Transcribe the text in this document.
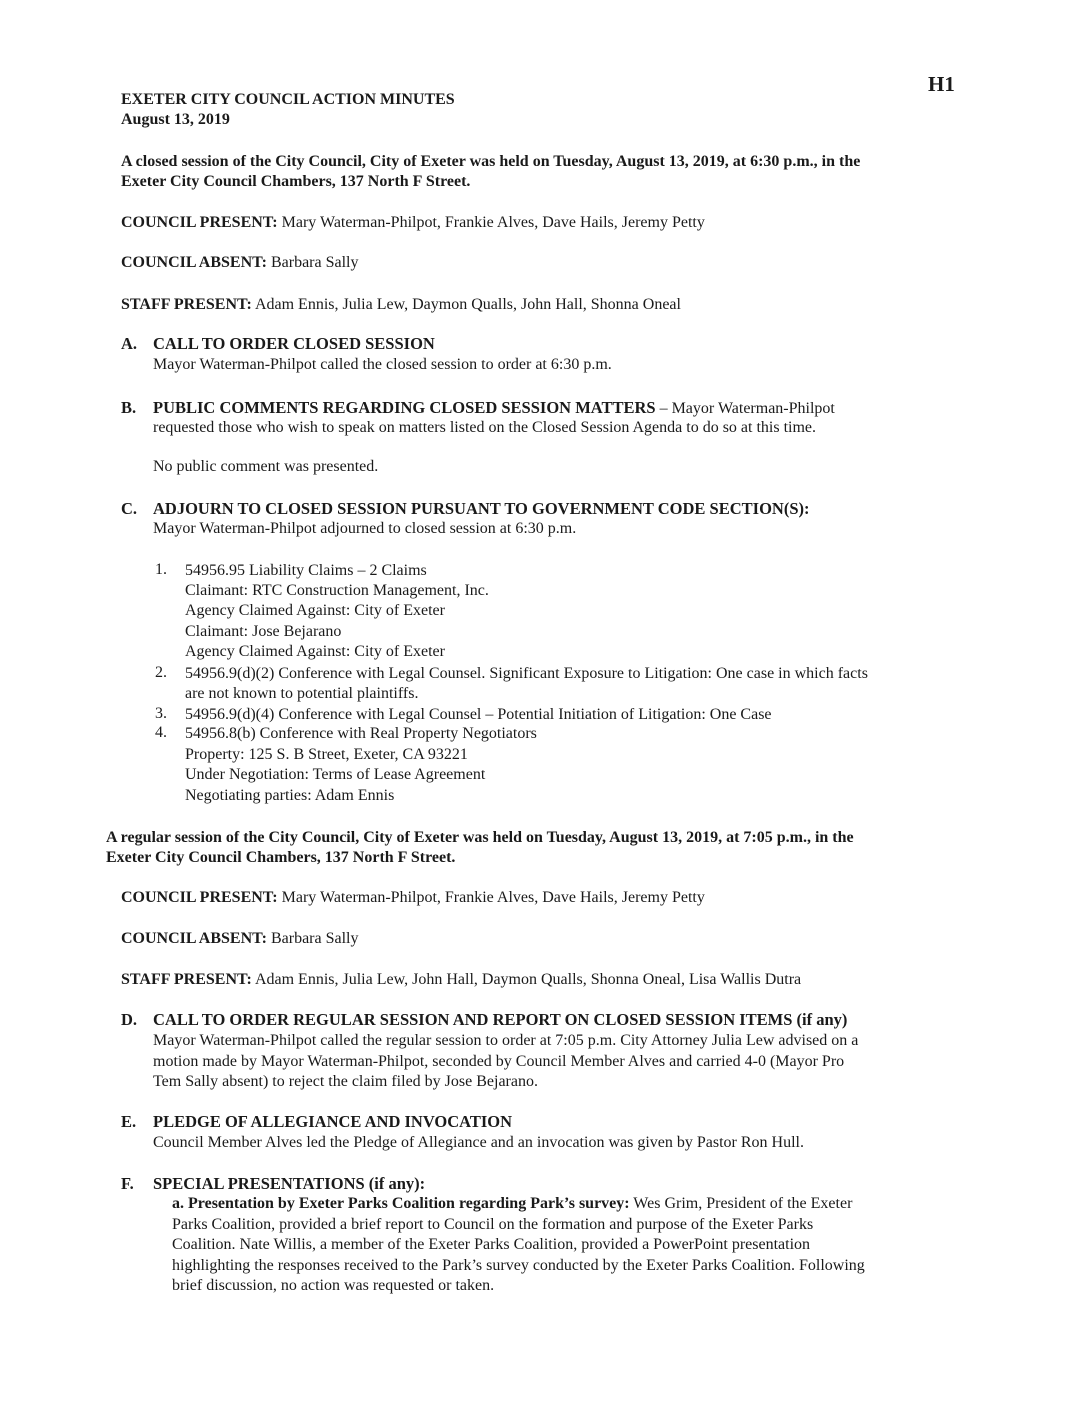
H1
EXETER CITY COUNCIL ACTION MINUTES
August 13, 2019
A closed session of the City Council, City of Exeter was held on Tuesday, August 13, 2019, at 6:30 p.m., in the
Exeter City Council Chambers, 137 North F Street.
COUNCIL PRESENT: Mary Waterman-Philpot, Frankie Alves, Dave Hails, Jeremy Petty
COUNCIL ABSENT: Barbara Sally
STAFF PRESENT: Adam Ennis, Julia Lew, Daymon Qualls, John Hall, Shonna Oneal
A. CALL TO ORDER CLOSED SESSION
Mayor Waterman-Philpot called the closed session to order at 6:30 p.m.
B. PUBLIC COMMENTS REGARDING CLOSED SESSION MATTERS – Mayor Waterman-Philpot
requested those who wish to speak on matters listed on the Closed Session Agenda to do so at this time.
No public comment was presented.
C. ADJOURN TO CLOSED SESSION PURSUANT TO GOVERNMENT CODE SECTION(S):
Mayor Waterman-Philpot adjourned to closed session at 6:30 p.m.
1. 54956.95 Liability Claims – 2 Claims
Claimant: RTC Construction Management, Inc.
Agency Claimed Against: City of Exeter
Claimant: Jose Bejarano
Agency Claimed Against: City of Exeter
2. 54956.9(d)(2) Conference with Legal Counsel. Significant Exposure to Litigation: One case in which facts
are not known to potential plaintiffs.
3. 54956.9(d)(4) Conference with Legal Counsel – Potential Initiation of Litigation: One Case
4. 54956.8(b) Conference with Real Property Negotiators
Property: 125 S. B Street, Exeter, CA 93221
Under Negotiation: Terms of Lease Agreement
Negotiating parties: Adam Ennis
A regular session of the City Council, City of Exeter was held on Tuesday, August 13, 2019, at 7:05 p.m., in the
Exeter City Council Chambers, 137 North F Street.
COUNCIL PRESENT: Mary Waterman-Philpot, Frankie Alves, Dave Hails, Jeremy Petty
COUNCIL ABSENT: Barbara Sally
STAFF PRESENT: Adam Ennis, Julia Lew, John Hall, Daymon Qualls, Shonna Oneal, Lisa Wallis Dutra
D. CALL TO ORDER REGULAR SESSION AND REPORT ON CLOSED SESSION ITEMS (if any)
Mayor Waterman-Philpot called the regular session to order at 7:05 p.m. City Attorney Julia Lew advised on a
motion made by Mayor Waterman-Philpot, seconded by Council Member Alves and carried 4-0 (Mayor Pro
Tem Sally absent) to reject the claim filed by Jose Bejarano.
E. PLEDGE OF ALLEGIANCE AND INVOCATION
Council Member Alves led the Pledge of Allegiance and an invocation was given by Pastor Ron Hull.
F. SPECIAL PRESENTATIONS (if any):
a. Presentation by Exeter Parks Coalition regarding Park’s survey: Wes Grim, President of the Exeter
Parks Coalition, provided a brief report to Council on the formation and purpose of the Exeter Parks
Coalition. Nate Willis, a member of the Exeter Parks Coalition, provided a PowerPoint presentation
highlighting the responses received to the Park’s survey conducted by the Exeter Parks Coalition. Following
brief discussion, no action was requested or taken.
